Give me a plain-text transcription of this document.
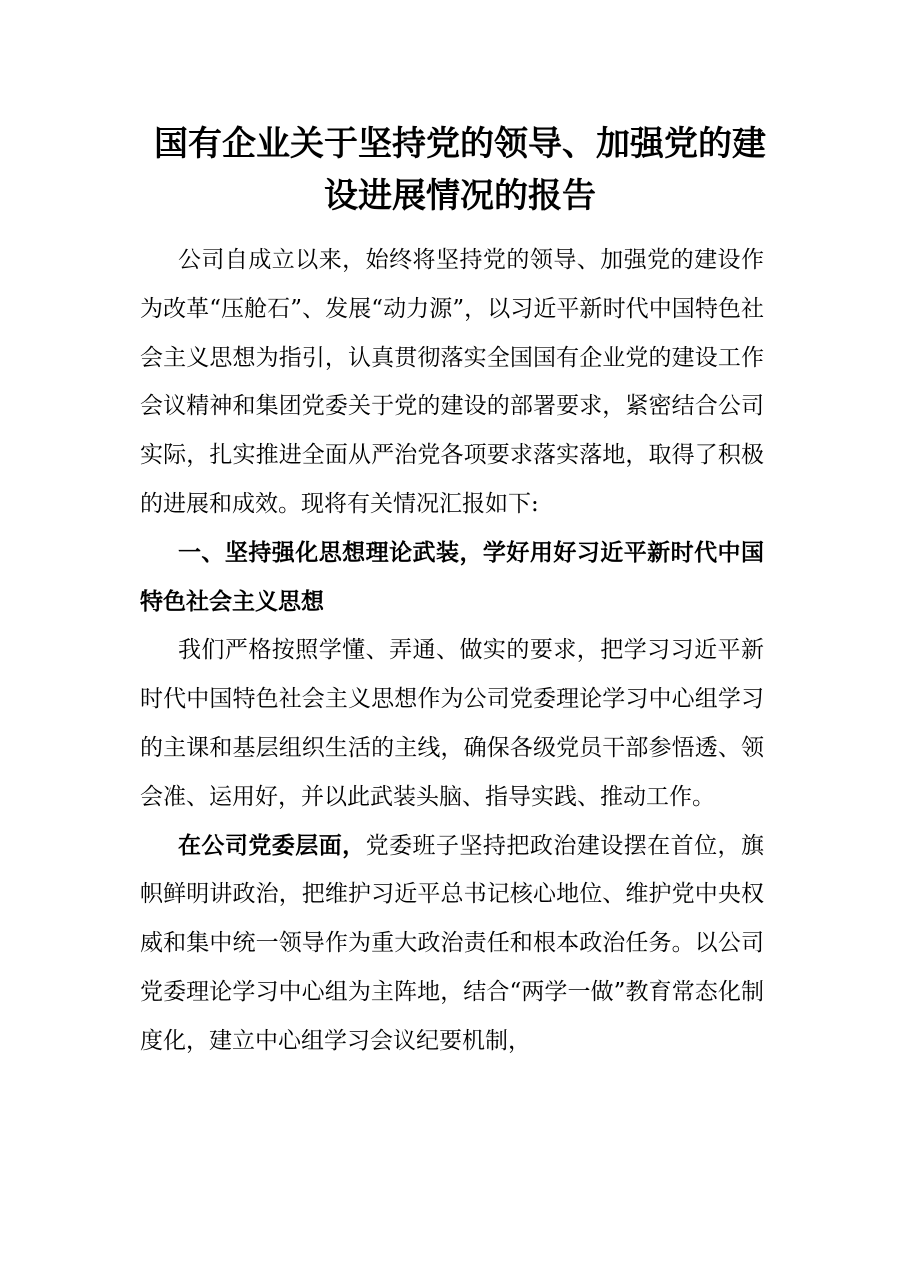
国有企业关于坚持党的领导、加强党的建设进展情况的报告

公司自成立以来，始终将坚持党的领导、加强党的建设作为改革“压舱石”、发展“动力源”，以习近平新时代中国特色社会主义思想为指引，认真贯彻落实全国国有企业党的建设工作会议精神和集团党委关于党的建设的部署要求，紧密结合公司实际，扎实推进全面从严治党各项要求落实落地，取得了积极的进展和成效。现将有关情况汇报如下:

一、坚持强化思想理论武装，学好用好习近平新时代中国特色社会主义思想

我们严格按照学懂、弄通、做实的要求，把学习习近平新时代中国特色社会主义思想作为公司党委理论学习中心组学习的主课和基层组织生活的主线，确保各级党员干部参悟透、领会准、运用好，并以此武装头脑、指导实践、推动工作。

在公司党委层面，党委班子坚持把政治建设摆在首位，旗帜鲜明讲政治，把维护习近平总书记核心地位、维护党中央权威和集中统一领导作为重大政治责任和根本政治任务。以公司党委理论学习中心组为主阵地，结合“两学一做”教育常态化制度化，建立中心组学习会议纪要机制，
